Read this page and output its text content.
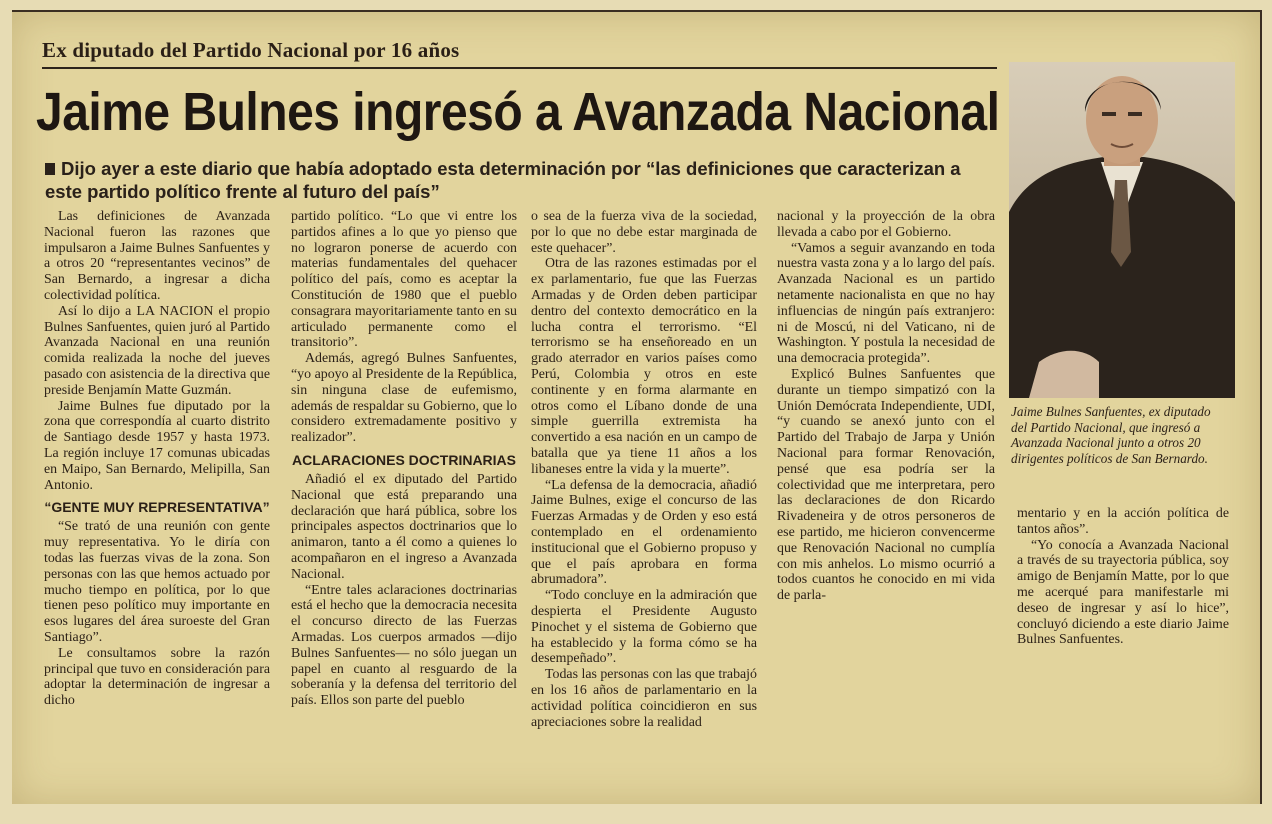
Ex diputado del Partido Nacional por 16 años
Jaime Bulnes ingresó a Avanzada Nacional
Dijo ayer a este diario que había adoptado esta determinación por “las definiciones que caracterizan a este partido político frente al futuro del país”

Las definiciones de Avanzada Nacional fueron las razones que impulsaron a Jaime Bulnes Sanfuentes y a otros 20 “representantes vecinos” de San Bernardo, a ingresar a dicha colectividad política.

Así lo dijo a LA NACION el propio Bulnes Sanfuentes, quien juró al Partido Avanzada Nacional en una reunión comida realizada la noche del jueves pasado con asistencia de la directiva que preside Benjamín Matte Guzmán.

Jaime Bulnes fue diputado por la zona que correspondía al cuarto distrito de Santiago desde 1957 y hasta 1973. La región incluye 17 comunas ubicadas en Maipo, San Bernardo, Melipilla, San Antonio.

“GENTE MUY REPRESENTATIVA”

“Se trató de una reunión con gente muy representativa. Yo le diría con todas las fuerzas vivas de la zona. Son personas con las que hemos actuado por mucho tiempo en política, por lo que tienen peso político muy importante en esos lugares del área suroeste del Gran Santiago”.

Le consultamos sobre la razón principal que tuvo en consideración para adoptar la determinación de ingresar a dicho

partido político. “Lo que vi entre los partidos afines a lo que yo pienso que no lograron ponerse de acuerdo con materias fundamentales del quehacer político del país, como es aceptar la Constitución de 1980 que el pueblo consagrara mayoritariamente tanto en su articulado permanente como el transitorio”.

Además, agregó Bulnes Sanfuentes, “yo apoyo al Presidente de la República, sin ninguna clase de eufemismo, además de respaldar su Gobierno, que lo considero extremadamente positivo y realizador”.

ACLARACIONES DOCTRINARIAS

Añadió el ex diputado del Partido Nacional que está preparando una declaración que hará pública, sobre los principales aspectos doctrinarios que lo animaron, tanto a él como a quienes lo acompañaron en el ingreso a Avanzada Nacional.

“Entre tales aclaraciones doctrinarias está el hecho que la democracia necesita el concurso directo de las Fuerzas Armadas. Los cuerpos armados —dijo Bulnes Sanfuentes— no sólo juegan un papel en cuanto al resguardo de la soberanía y la defensa del territorio del país. Ellos son parte del pueblo

o sea de la fuerza viva de la sociedad, por lo que no debe estar marginada de este quehacer”.

Otra de las razones estimadas por el ex parlamentario, fue que las Fuerzas Armadas y de Orden deben participar dentro del contexto democrático en la lucha contra el terrorismo. “El terrorismo se ha enseñoreado en un grado aterrador en varios países como Perú, Colombia y otros en este continente y en forma alarmante en otros como el Líbano donde de una simple guerrilla extremista ha convertido a esa nación en un campo de batalla que ya tiene 11 años a los libaneses entre la vida y la muerte”.

“La defensa de la democracia, añadió Jaime Bulnes, exige el concurso de las Fuerzas Armadas y de Orden y eso está contemplado en el ordenamiento institucional que el Gobierno propuso y que el país aprobara en forma abrumadora”.

“Todo concluye en la admiración que despierta el Presidente Augusto Pinochet y el sistema de Gobierno que ha establecido y la forma cómo se ha desempeñado”.

Todas las personas con las que trabajó en los 16 años de parlamentario en la actividad política coincidieron en sus apreciaciones sobre la realidad

nacional y la proyección de la obra llevada a cabo por el Gobierno.

“Vamos a seguir avanzando en toda nuestra vasta zona y a lo largo del país. Avanzada Nacional es un partido netamente nacionalista en que no hay influencias de ningún país extranjero: ni de Moscú, ni del Vaticano, ni de Washington. Y postula la necesidad de una democracia protegida”.

Explicó Bulnes Sanfuentes que durante un tiempo simpatizó con la Unión Demócrata Independiente, UDI, “y cuando se anexó junto con el Partido del Trabajo de Jarpa y Unión Nacional para formar Renovación, pensé que esa podría ser la colectividad que me interpretara, pero las declaraciones de don Ricardo Rivadeneira y de otros personeros de ese partido, me hicieron convencerme que Renovación Nacional no cumplía con mis anhelos. Lo mismo ocurrió a todos cuantos he conocido en mi vida de parla-

Jaime Bulnes Sanfuentes, ex diputado del Partido Nacional, que ingresó a Avanzada Nacional junto a otros 20 dirigentes políticos de San Bernardo.

mentario y en la acción política de tantos años”.

“Yo conocía a Avanzada Nacional a través de su trayectoria pública, soy amigo de Benjamín Matte, por lo que me acerqué para manifestarle mi deseo de ingresar y así lo hice”, concluyó diciendo a este diario Jaime Bulnes Sanfuentes.
